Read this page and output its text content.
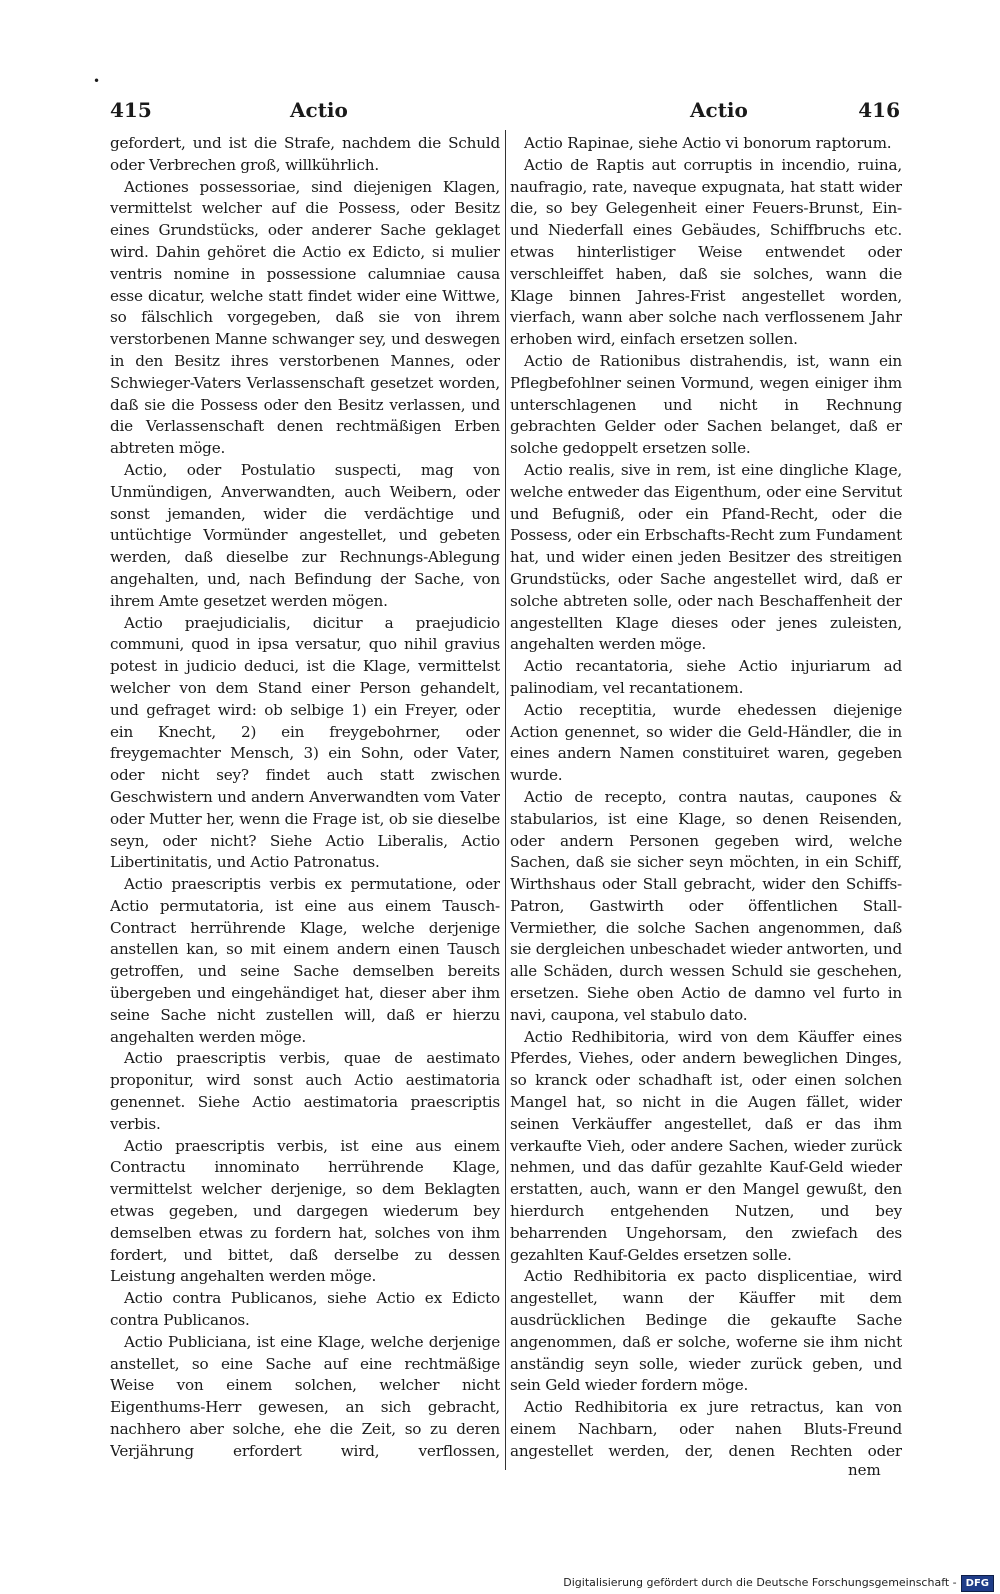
•
415	Actio	Actio	416

gefordert, und ist die Strafe, nachdem die Schuld oder Verbrechen groß, willkührlich.

Actiones possessoriae, sind diejenigen Klagen, vermittelst welcher auf die Possess, oder Besitz eines Grundstücks, oder anderer Sache geklaget wird. Dahin gehöret die Actio ex Edicto, si mulier ventris nomine in possessione calumniae causa esse dicatur, welche statt findet wider eine Wittwe, so fälschlich vorgegeben, daß sie von ihrem verstorbenen Manne schwanger sey, und deswegen in den Besitz ihres verstorbenen Mannes, oder Schwieger-Vaters Verlassenschaft gesetzet worden, daß sie die Possess oder den Besitz verlassen, und die Verlassenschaft denen rechtmäßigen Erben abtreten möge.

Actio, oder Postulatio suspecti, mag von Unmündigen, Anverwandten, auch Weibern, oder sonst jemanden, wider die verdächtige und untüchtige Vormünder angestellet, und gebeten werden, daß dieselbe zur Rechnungs-Ablegung angehalten, und, nach Befindung der Sache, von ihrem Amte gesetzet werden mögen.

Actio praejudicialis, dicitur a praejudicio communi, quod in ipsa versatur, quo nihil gravius potest in judicio deduci, ist die Klage, vermittelst welcher von dem Stand einer Person gehandelt, und gefraget wird: ob selbige 1) ein Freyer, oder ein Knecht, 2) ein freygebohrner, oder freygemachter Mensch, 3) ein Sohn, oder Vater, oder nicht sey? findet auch statt zwischen Geschwistern und andern Anverwandten vom Vater oder Mutter her, wenn die Frage ist, ob sie dieselbe seyn, oder nicht? Siehe Actio Liberalis, Actio Libertinitatis, und Actio Patronatus.

Actio praescriptis verbis ex permutatione, oder Actio permutatoria, ist eine aus einem Tausch-Contract herrührende Klage, welche derjenige anstellen kan, so mit einem andern einen Tausch getroffen, und seine Sache demselben bereits übergeben und eingehändiget hat, dieser aber ihm seine Sache nicht zustellen will, daß er hierzu angehalten werden möge.

Actio praescriptis verbis, quae de aestimato proponitur, wird sonst auch Actio aestimatoria genennet. Siehe Actio aestimatoria praescriptis verbis.

Actio praescriptis verbis, ist eine aus einem Contractu innominato herrührende Klage, vermittelst welcher derjenige, so dem Beklagten etwas gegeben, und dargegen wiederum bey demselben etwas zu fordern hat, solches von ihm fordert, und bittet, daß derselbe zu dessen Leistung angehalten werden möge.

Actio contra Publicanos, siehe Actio ex Edicto contra Publicanos.

Actio Publiciana, ist eine Klage, welche derjenige anstellet, so eine Sache auf eine rechtmäßige Weise von einem solchen, welcher nicht Eigenthums-Herr gewesen, an sich gebracht, nachhero aber solche, ehe die Zeit, so zu deren Verjährung erfordert wird, verflossen,

Actio Rapinae, siehe Actio vi bonorum raptorum.

Actio de Raptis aut corruptis in incendio, ruina, naufragio, rate, naveque expugnata, hat statt wider die, so bey Gelegenheit einer Feuers-Brunst, Ein- und Niederfall eines Gebäudes, Schiffbruchs etc. etwas hinterlistiger Weise entwendet oder verschleiffet haben, daß sie solches, wann die Klage binnen Jahres-Frist angestellet worden, vierfach, wann aber solche nach verflossenem Jahr erhoben wird, einfach ersetzen sollen.

Actio de Rationibus distrahendis, ist, wann ein Pflegbefohlner seinen Vormund, wegen einiger ihm unterschlagenen und nicht in Rechnung gebrachten Gelder oder Sachen belanget, daß er solche gedoppelt ersetzen solle.

Actio realis, sive in rem, ist eine dingliche Klage, welche entweder das Eigenthum, oder eine Servitut und Befugniß, oder ein Pfand-Recht, oder die Possess, oder ein Erbschafts-Recht zum Fundament hat, und wider einen jeden Besitzer des streitigen Grundstücks, oder Sache angestellet wird, daß er solche abtreten solle, oder nach Beschaffenheit der angestellten Klage dieses oder jenes zuleisten, angehalten werden möge.

Actio recantatoria, siehe Actio injuriarum ad palinodiam, vel recantationem.

Actio receptitia, wurde ehedessen diejenige Action genennet, so wider die Geld-Händler, die in eines andern Namen constituiret waren, gegeben wurde.

Actio de recepto, contra nautas, caupones & stabularios, ist eine Klage, so denen Reisenden, oder andern Personen gegeben wird, welche Sachen, daß sie sicher seyn möchten, in ein Schiff, Wirthshaus oder Stall gebracht, wider den Schiffs-Patron, Gastwirth oder öffentlichen Stall-Vermiether, die solche Sachen angenommen, daß sie dergleichen unbeschadet wieder antworten, und alle Schäden, durch wessen Schuld sie geschehen, ersetzen. Siehe oben Actio de damno vel furto in navi, caupona, vel stabulo dato.

Actio Redhibitoria, wird von dem Käuffer eines Pferdes, Viehes, oder andern beweglichen Dinges, so kranck oder schadhaft ist, oder einen solchen Mangel hat, so nicht in die Augen fället, wider seinen Verkäuffer angestellet, daß er das ihm verkaufte Vieh, oder andere Sachen, wieder zurück nehmen, und das dafür gezahlte Kauf-Geld wieder erstatten, auch, wann er den Mangel gewußt, den hierdurch entgehenden Nutzen, und bey beharrenden Ungehorsam, den zwiefach des gezahlten Kauf-Geldes ersetzen solle.

Actio Redhibitoria ex pacto displicentiae, wird angestellet, wann der Käuffer mit dem ausdrücklichen Bedinge die gekaufte Sache angenommen, daß er solche, woferne sie ihm nicht anständig seyn solle, wieder zurück geben, und sein Geld wieder fordern möge.

Actio Redhibitoria ex jure retractus, kan von einem Nachbarn, oder nahen Bluts-Freund angestellet werden, der, denen Rechten oder

nem
Digitalisierung gefördert durch die Deutsche Forschungsgemeinschaft - DFG
